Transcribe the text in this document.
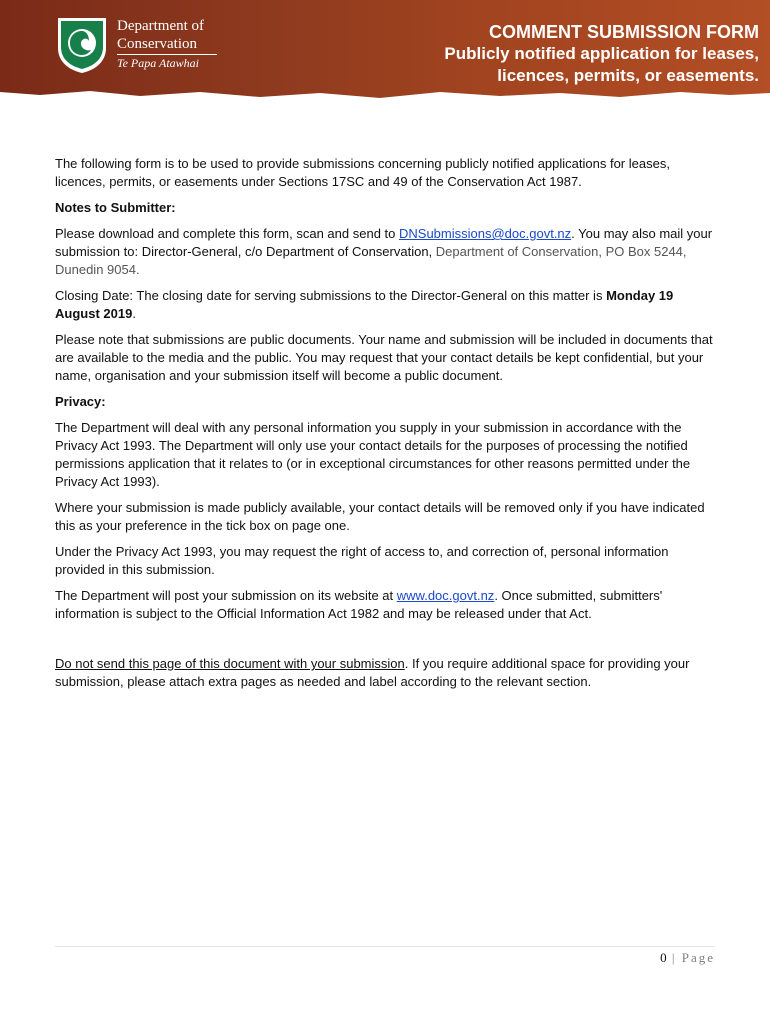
Department of
Conservation
Te Papa Atawhai
COMMENT SUBMISSION FORM
Publicly notified application for leases,
licences, permits, or easements.

The following form is to be used to provide submissions concerning publicly notified applications for leases, licences, permits, or easements under Sections 17SC and 49 of the Conservation Act 1987.

Notes to Submitter:

Please download and complete this form, scan and send to DNSubmissions@doc.govt.nz. You may also mail your submission to: Director-General, c/o Department of Conservation, Department of Conservation, PO Box 5244, Dunedin 9054.

Closing Date: The closing date for serving submissions to the Director-General on this matter is Monday 19 August 2019.

Please note that submissions are public documents. Your name and submission will be included in documents that are available to the media and the public. You may request that your contact details be kept confidential, but your name, organisation and your submission itself will become a public document.

Privacy:

The Department will deal with any personal information you supply in your submission in accordance with the Privacy Act 1993. The Department will only use your contact details for the purposes of processing the notified permissions application that it relates to (or in exceptional circumstances for other reasons permitted under the Privacy Act 1993).

Where your submission is made publicly available, your contact details will be removed only if you have indicated this as your preference in the tick box on page one.

Under the Privacy Act 1993, you may request the right of access to, and correction of, personal information provided in this submission.

The Department will post your submission on its website at www.doc.govt.nz. Once submitted, submitters' information is subject to the Official Information Act 1982 and may be released under that Act.

Do not send this page of this document with your submission. If you require additional space for providing your submission, please attach extra pages as needed and label according to the relevant section.

0 | Page
